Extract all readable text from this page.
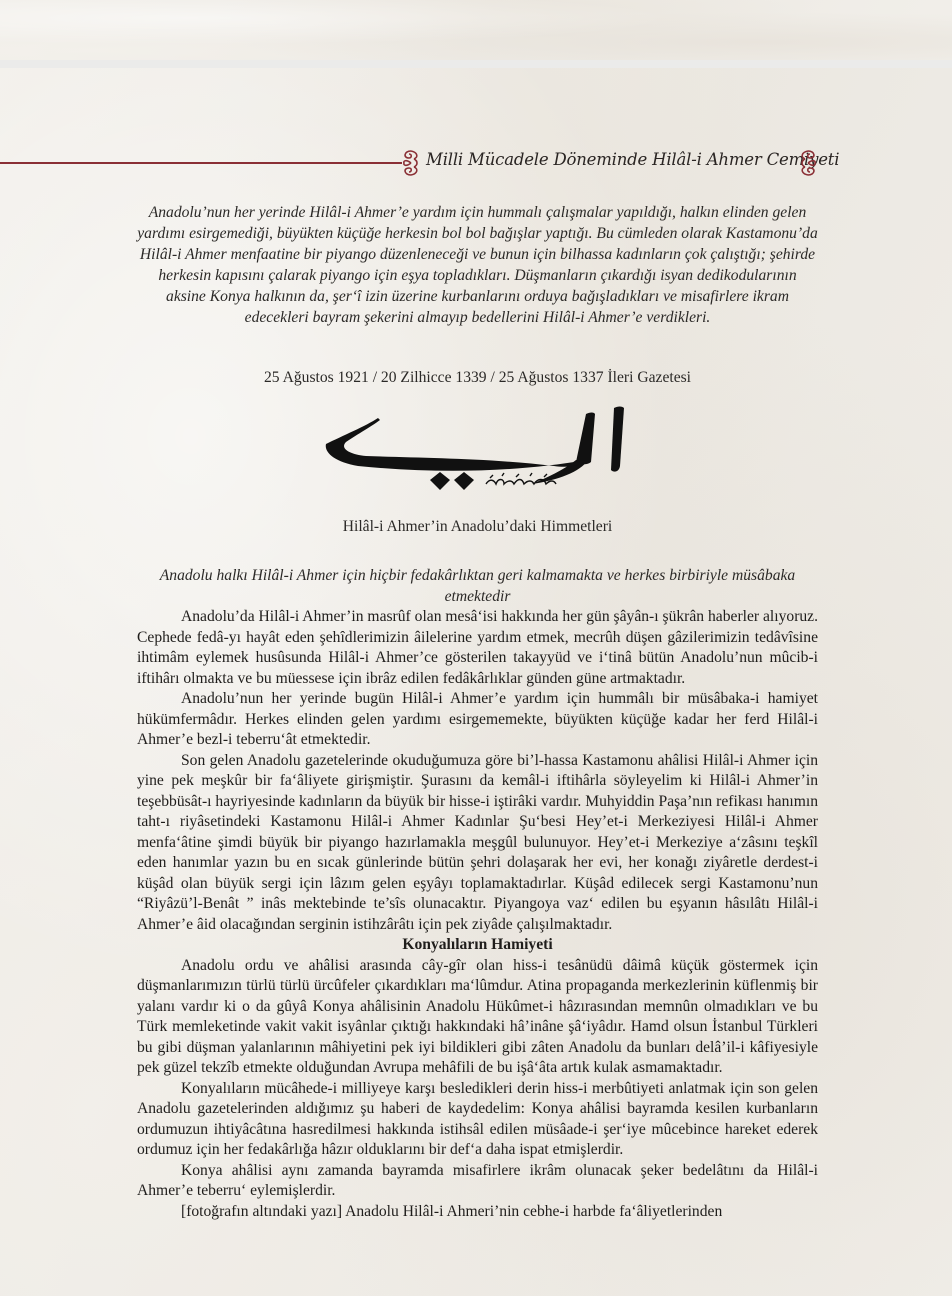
Milli Mücadele Döneminde Hilâl-i Ahmer Cemiyeti
Anadolu’nun her yerinde Hilâl-i Ahmer’e yardım için hummalı çalışmalar yapıldığı, halkın elinden gelen yardımı esirgemediği, büyükten küçüğe herkesin bol bol bağışlar yaptığı. Bu cümleden olarak Kastamonu’da Hilâl-i Ahmer menfaatine bir piyango düzenleneceği ve bunun için bilhassa kadınların çok çalıştığı; şehirde herkesin kapısını çalarak piyango için eşya topladıkları. Düşmanların çıkardığı isyan dedikodularının aksine Konya halkının da, şer‘î izin üzerine kurbanlarını orduya bağışladıkları ve misafirlere ikram edecekleri bayram şekerini almayıp bedellerini Hilâl-i Ahmer’e verdikleri.
25 Ağustos 1921 / 20 Zilhicce 1339 / 25 Ağustos 1337 İleri Gazetesi
Hilâl-i Ahmer’in Anadolu’daki Himmetleri
Anadolu halkı Hilâl-i Ahmer için hiçbir fedakârlıktan geri kalmamakta ve herkes birbiriyle müsâbaka etmektedir

Anadolu’da Hilâl-i Ahmer’in masrûf olan mesâ‘isi hakkında her gün şâyân-ı şükrân haberler alıyoruz. Cephede fedâ-yı hayât eden şehîdlerimizin âilelerine yardım etmek, mecrûh düşen gâzilerimizin tedâvîsine ihtimâm eylemek husûsunda Hilâl-i Ahmer’ce gösterilen takayyüd ve i‘tinâ bütün Anadolu’nun mûcib-i iftihârı olmakta ve bu müessese için ibrâz edilen fedâkârlıklar günden güne artmaktadır.

Anadolu’nun her yerinde bugün Hilâl-i Ahmer’e yardım için hummâlı bir müsâbaka-i hamiyet hükümfermâdır. Herkes elinden gelen yardımı esirgememekte, büyükten küçüğe kadar her ferd Hilâl-i Ahmer’e bezl-i teberru‘ât etmektedir.

Son gelen Anadolu gazetelerinde okuduğumuza göre bi’l-hassa Kastamonu ahâlisi Hilâl-i Ahmer için yine pek meşkûr bir fa‘âliyete girişmiştir. Şurasını da kemâl-i iftihârla söyleyelim ki Hilâl-i Ahmer’in teşebbüsât-ı hayriyesinde kadınların da büyük bir hisse-i iştirâki vardır. Muhyiddin Paşa’nın refikası hanımın taht-ı riyâsetindeki Kastamonu Hilâl-i Ahmer Kadınlar Şu‘besi Hey’et-i Merkeziyesi Hilâl-i Ahmer menfa‘âtine şimdi büyük bir piyango hazırlamakla meşgûl bulunuyor. Hey’et-i Merkeziye a‘zâsını teşkîl eden hanımlar yazın bu en sıcak günlerinde bütün şehri dolaşarak her evi, her konağı ziyâretle derdest-i küşâd olan büyük sergi için lâzım gelen eşyâyı toplamaktadırlar. Küşâd edilecek sergi Kastamonu’nun “Riyâzü’l-Benât ” inâs mektebinde te’sîs olunacaktır. Piyangoya vaz‘ edilen bu eşyanın hâsılâtı Hilâl-i Ahmer’e âid olacağından serginin istihzârâtı için pek ziyâde çalışılmaktadır.

Konyalıların Hamiyeti

Anadolu ordu ve ahâlisi arasında cây-gîr olan hiss-i tesânüdü dâimâ küçük göstermek için düşmanlarımızın türlü türlü ürcûfeler çıkardıkları ma‘lûmdur. Atina propaganda merkezlerinin küflenmiş bir yalanı vardır ki o da gûyâ Konya ahâlisinin Anadolu Hükûmet-i hâzırasından memnûn olmadıkları ve bu Türk memleketinde vakit vakit isyânlar çıktığı hakkındaki hâ’inâne şâ‘iyâdır. Hamd olsun İstanbul Türkleri bu gibi düşman yalanlarının mâhiyetini pek iyi bildikleri gibi zâten Anadolu da bunları delâ’il-i kâfiyesiyle pek güzel tekzîb etmekte olduğundan Avrupa mehâfili de bu işâ‘âta artık kulak asmamaktadır.

Konyalıların mücâhede-i milliyeye karşı besledikleri derin hiss-i merbûtiyeti anlatmak için son gelen Anadolu gazetelerinden aldığımız şu haberi de kaydedelim: Konya ahâlisi bayramda kesilen kurbanların ordumuzun ihtiyâcâtına hasredilmesi hakkında istihsâl edilen müsâade-i şer‘iye mûcebince hareket ederek ordumuz için her fedakârlığa hâzır olduklarını bir def‘a daha ispat etmişlerdir.

Konya ahâlisi aynı zamanda bayramda misafirlere ikrâm olunacak şeker bedelâtını da Hilâl-i Ahmer’e teberru‘ eylemişlerdir.

[fotoğrafın altındaki yazı] Anadolu Hilâl-i Ahmeri’nin cebhe-i harbde fa‘âliyetlerinden
